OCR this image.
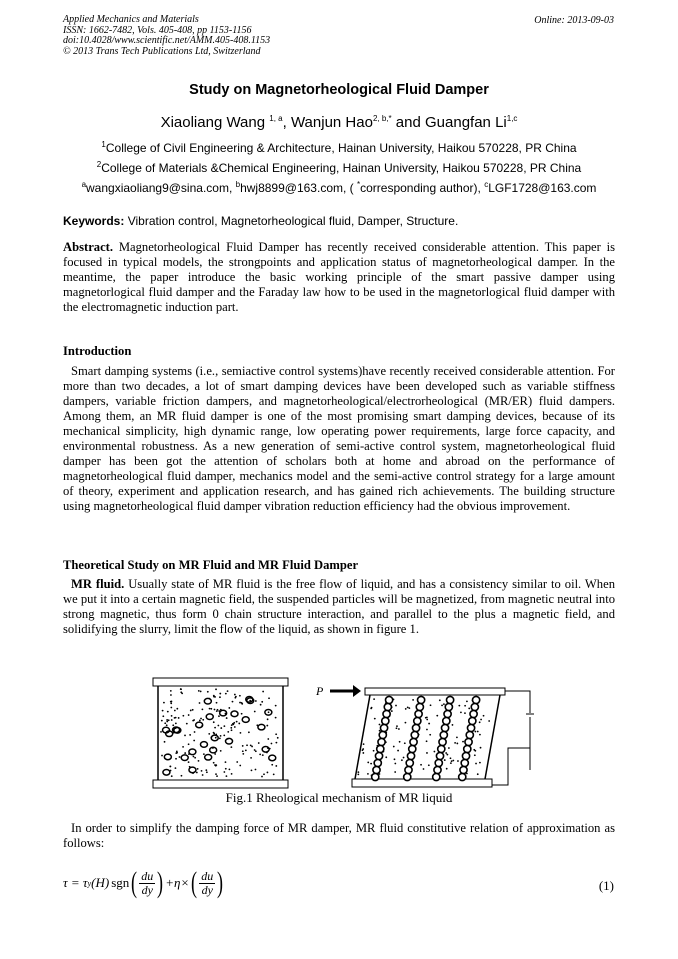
Applied Mechanics and Materials
ISSN: 1662-7482, Vols. 405-408, pp 1153-1156
doi:10.4028/www.scientific.net/AMM.405-408.1153
© 2013 Trans Tech Publications Ltd, Switzerland
Online: 2013-09-03
Study on Magnetorheological Fluid Damper
Xiaoliang Wang $^{1, a}$, Wanjun Hao$^{2, b,*}$ and Guangfan Li$^{1,c}$
$^1$College of Civil Engineering & Architecture, Hainan University, Haikou 570228, PR China
$^2$College of Materials &Chemical Engineering, Hainan University, Haikou 570228, PR China
$^a$wangxiaoliang9@sina.com, $^b$hwj8899@163.com, ( *corresponding author), $^c$LGF1728@163.com
Keywords: Vibration control, Magnetorheological fluid, Damper, Structure.
Abstract. Magnetorheological Fluid Damper has recently received considerable attention. This paper is focused in typical models, the strongpoints and application status of magnetorheological damper. In the meantime, the paper introduce the basic working principle of the smart passive damper using magnetorlogical fluid damper and the Faraday law how to be used in the magnetorlogical fluid damper with the electromagnetic induction part.
Introduction
Smart damping systems (i.e., semiactive control systems)have recently received considerable attention. For more than two decades, a lot of smart damping devices have been developed such as variable stiffness dampers, variable friction dampers, and magnetorheological/electrorheological (MR/ER) fluid dampers. Among them, an MR fluid damper is one of the most promising smart damping devices, because of its mechanical simplicity, high dynamic range, low operating power requirements, large force capacity, and environmental robustness. As a new generation of semi-active control system, magnetorheological fluid damper has been got the attention of scholars both at home and abroad on the performance of magnetorheological fluid damper, mechanics model and the semi-active control strategy for a large amount of theory, experiment and application research, and has gained rich achievements. The building structure using magnetorheological fluid damper vibration reduction efficiency had the obvious improvement.
Theoretical Study on MR Fluid and MR Fluid Damper
MR fluid. Usually state of MR fluid is the free flow of liquid, and has a consistency similar to oil. When we put it into a certain magnetic field, the suspended particles will be magnetized, from magnetic neutral into strong magnetic, thus form 0 chain structure interaction, and parallel to the plus a magnetic field, and solidifying the slurry, limit the flow of the liquid, as shown in figure 1.
P
Fig.1 Rheological mechanism of MR liquid
In order to simplify the damping force of MR damper, MR fluid constitutive relation of approximation as follows:
τ = τ y (H) sgn ( $\frac{du}{dy}$ ) +η× ( $\frac{du}{dy}$ )	(1)
